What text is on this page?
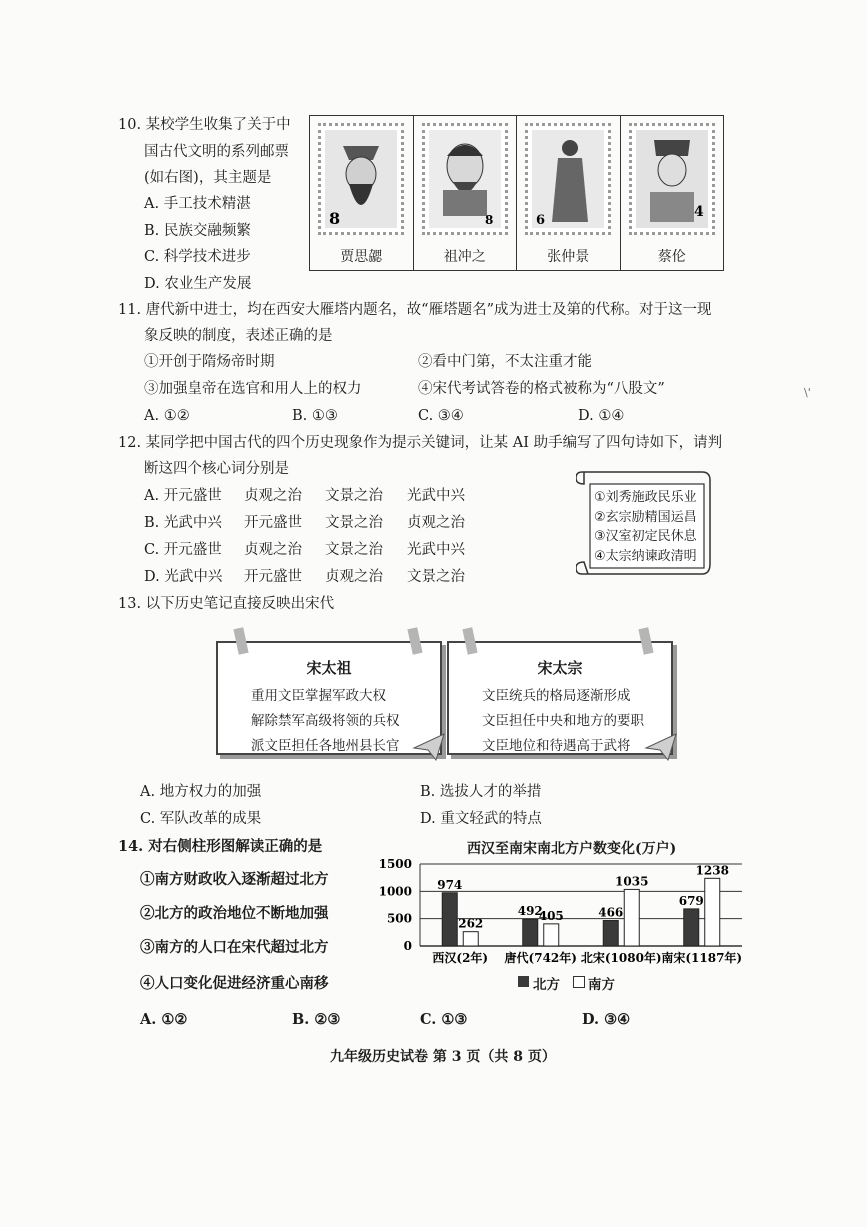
10. 某校学生收集了关于中
国古代文明的系列邮票
(如右图)，其主题是
A. 手工技术精湛
B. 民族交融频繁
C. 科学技术进步
D. 农业生产发展
8
贾思勰
8
祖冲之
6
张仲景
4
蔡伦
11. 唐代新中进士，均在西安大雁塔内题名，故“雁塔题名”成为进士及第的代称。对于这一现
象反映的制度，表述正确的是
①开创于隋炀帝时期	②看中门第，不太注重才能
③加强皇帝在选官和用人上的权力	④宋代考试答卷的格式被称为“八股文”
A. ①②	B. ①③	C. ③④	D. ①④
\'
12. 某同学把中国古代的四个历史现象作为提示关键词，让某 AI 助手编写了四句诗如下，请判
断这四个核心词分别是
A. 开元盛世 贞观之治 文景之治 光武中兴
B. 光武中兴 开元盛世 文景之治 贞观之治
C. 开元盛世 贞观之治 文景之治 光武中兴
D. 光武中兴 开元盛世 贞观之治 文景之治
①刘秀施政民乐业
②玄宗励精国运昌
③汉室初定民休息
④太宗纳谏政清明
13. 以下历史笔记直接反映出宋代
宋太祖
重用文臣掌握军政大权
解除禁军高级将领的兵权
派文臣担任各地州县长官
宋太宗
文臣统兵的格局逐渐形成
文臣担任中央和地方的要职
文臣地位和待遇高于武将
A. 地方权力的加强	B. 选拔人才的举措
C. 军队改革的成果	D. 重文轻武的特点
14. 对右侧柱形图解读正确的是
①南方财政收入逐渐超过北方
②北方的政治地位不断地加强
③南方的人口在宋代超过北方
④人口变化促进经济重心南移
A. ①②	B. ②③	C. ①③	D. ③④
西汉至南宋南北方户数变化(万户)
0
500
1000
1500
974
262
西汉(2年)
492
405
唐代(742年)
466
1035
北宋(1080年)
679
1238
南宋(1187年)
北方 南方
九年级历史试卷 第 3 页（共 8 页）
